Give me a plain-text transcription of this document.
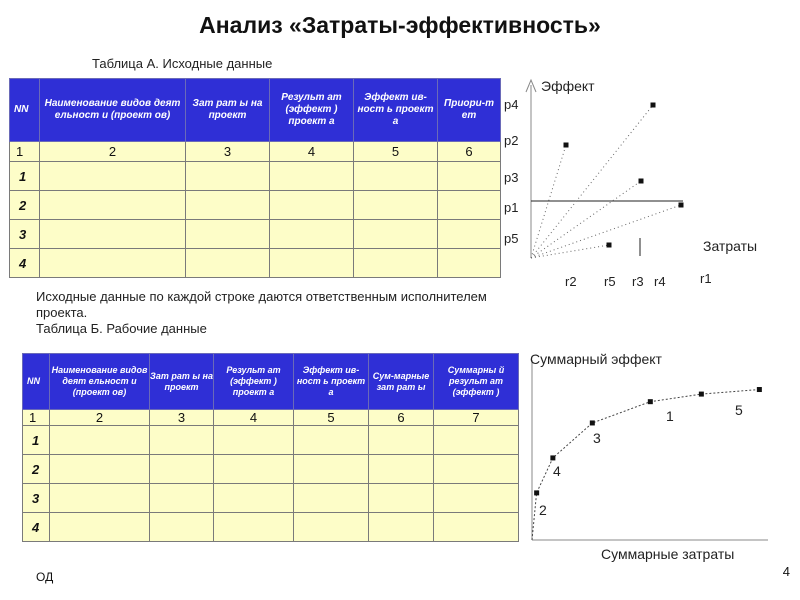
Анализ «Затраты-эффективность»
Таблица А. Исходные данные
NN	Наименование видов деят ельност и (проект ов)	Зат рат ы на проект	Результ ат (эффект ) проект а	Эффект ив-ност ь проект а	Приори-т ет
1	2	3	4	5	6
1					
2					
3					
4					
Исходные данные по каждой строке даются ответственным исполнителем проекта.
Таблица Б. Рабочие данные
NN	Наименование видов деят ельност и (проект ов)	Зат рат ы на проект	Результ ат (эффект ) проект а	Эффект ив-ност ь проект а	Сум-марные зат рат ы	Суммарны й результ ат (эффект )
1	2	3	4	5	6	7
1						
2						
3						
4						
Эффект
Затраты
p4
p2
p3
p1
p5
r2 r5 r3 r4	r1
Суммарный эффект
Суммарные затраты
2
4
3
1	5
ОД	4
